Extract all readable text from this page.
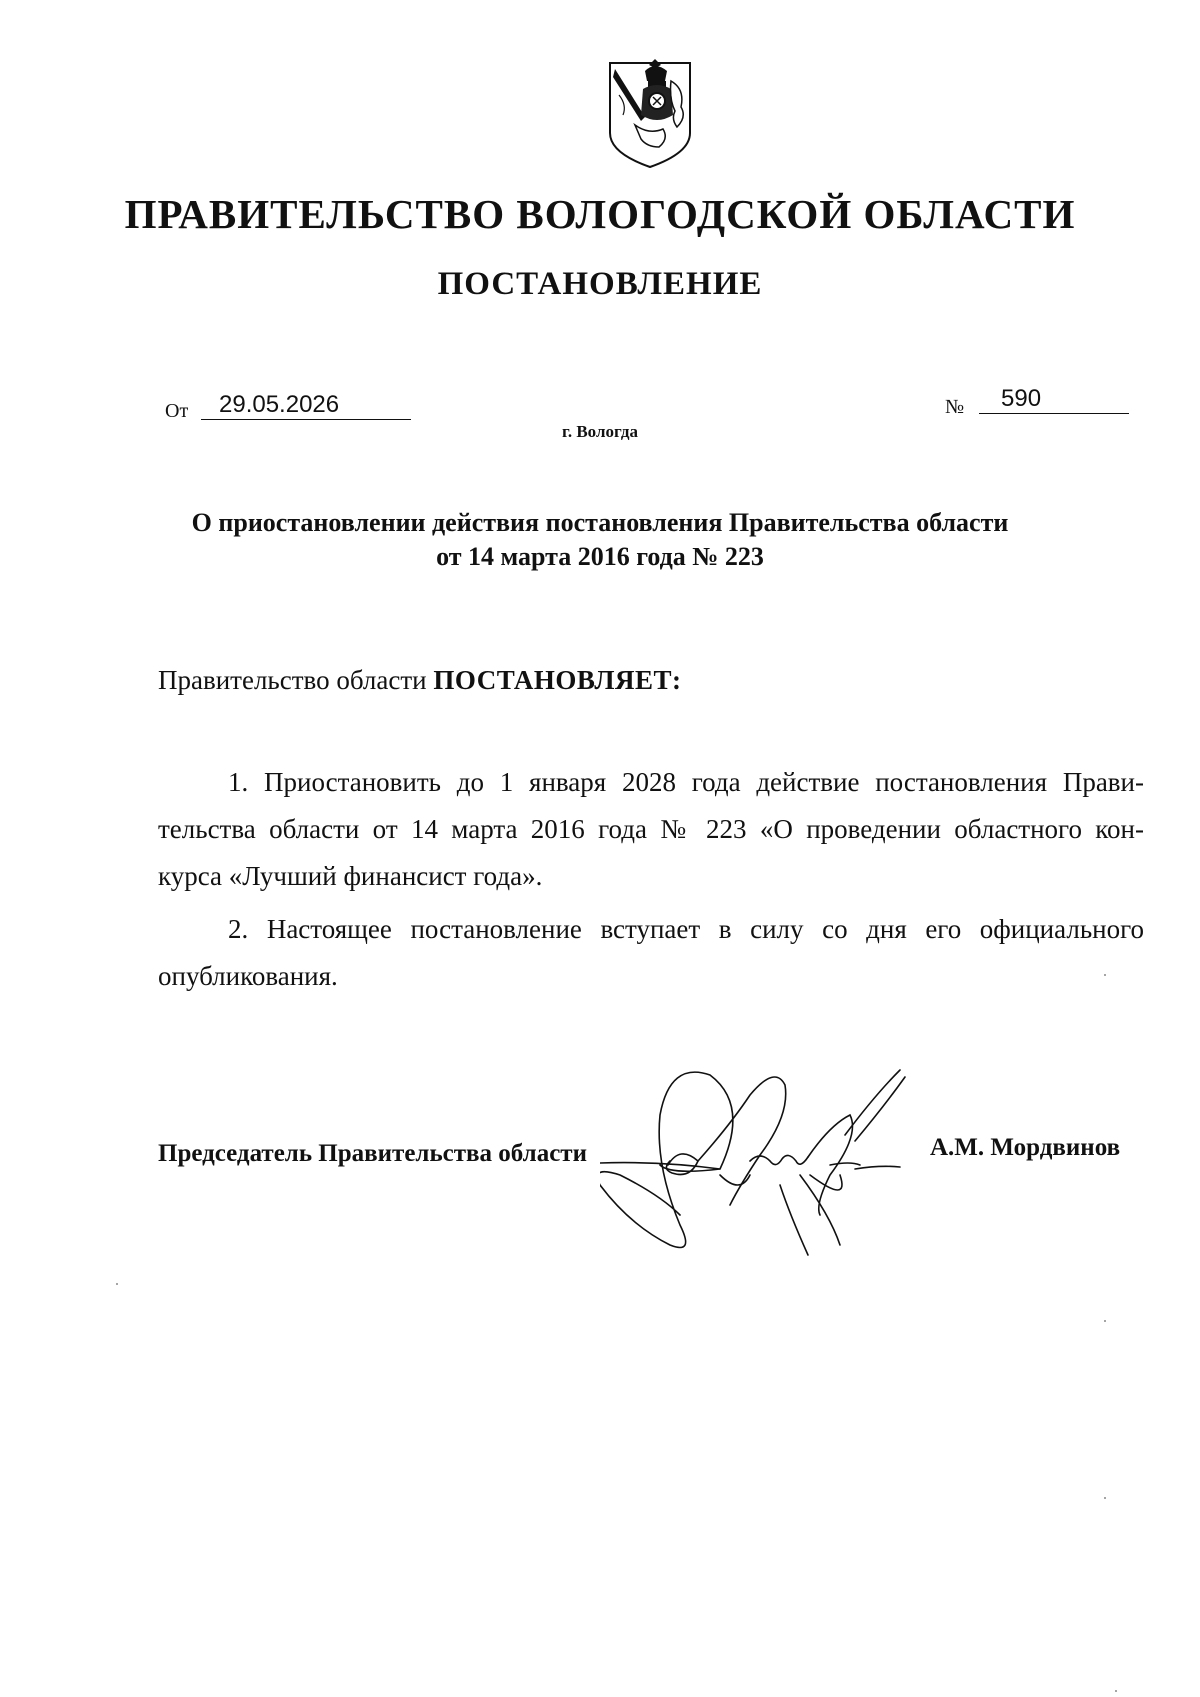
ПРАВИТЕЛЬСТВО ВОЛОГОДСКОЙ ОБЛАСТИ
ПОСТАНОВЛЕНИЕ
От	29.05.2026	№	590
г. Вологда
О приостановлении действия постановления Правительства области
от 14 марта 2016 года № 223
Правительство области ПОСТАНОВЛЯЕТ:
1. Приостановить до 1 января 2028 года действие постановления Прави-
тельства области от 14 марта 2016 года № 223 «О проведении областного кон-
курса «Лучший финансист года».
2. Настоящее постановление вступает в силу со дня его официального
опубликования.
Председатель Правительства области	А.М. Мордвинов
